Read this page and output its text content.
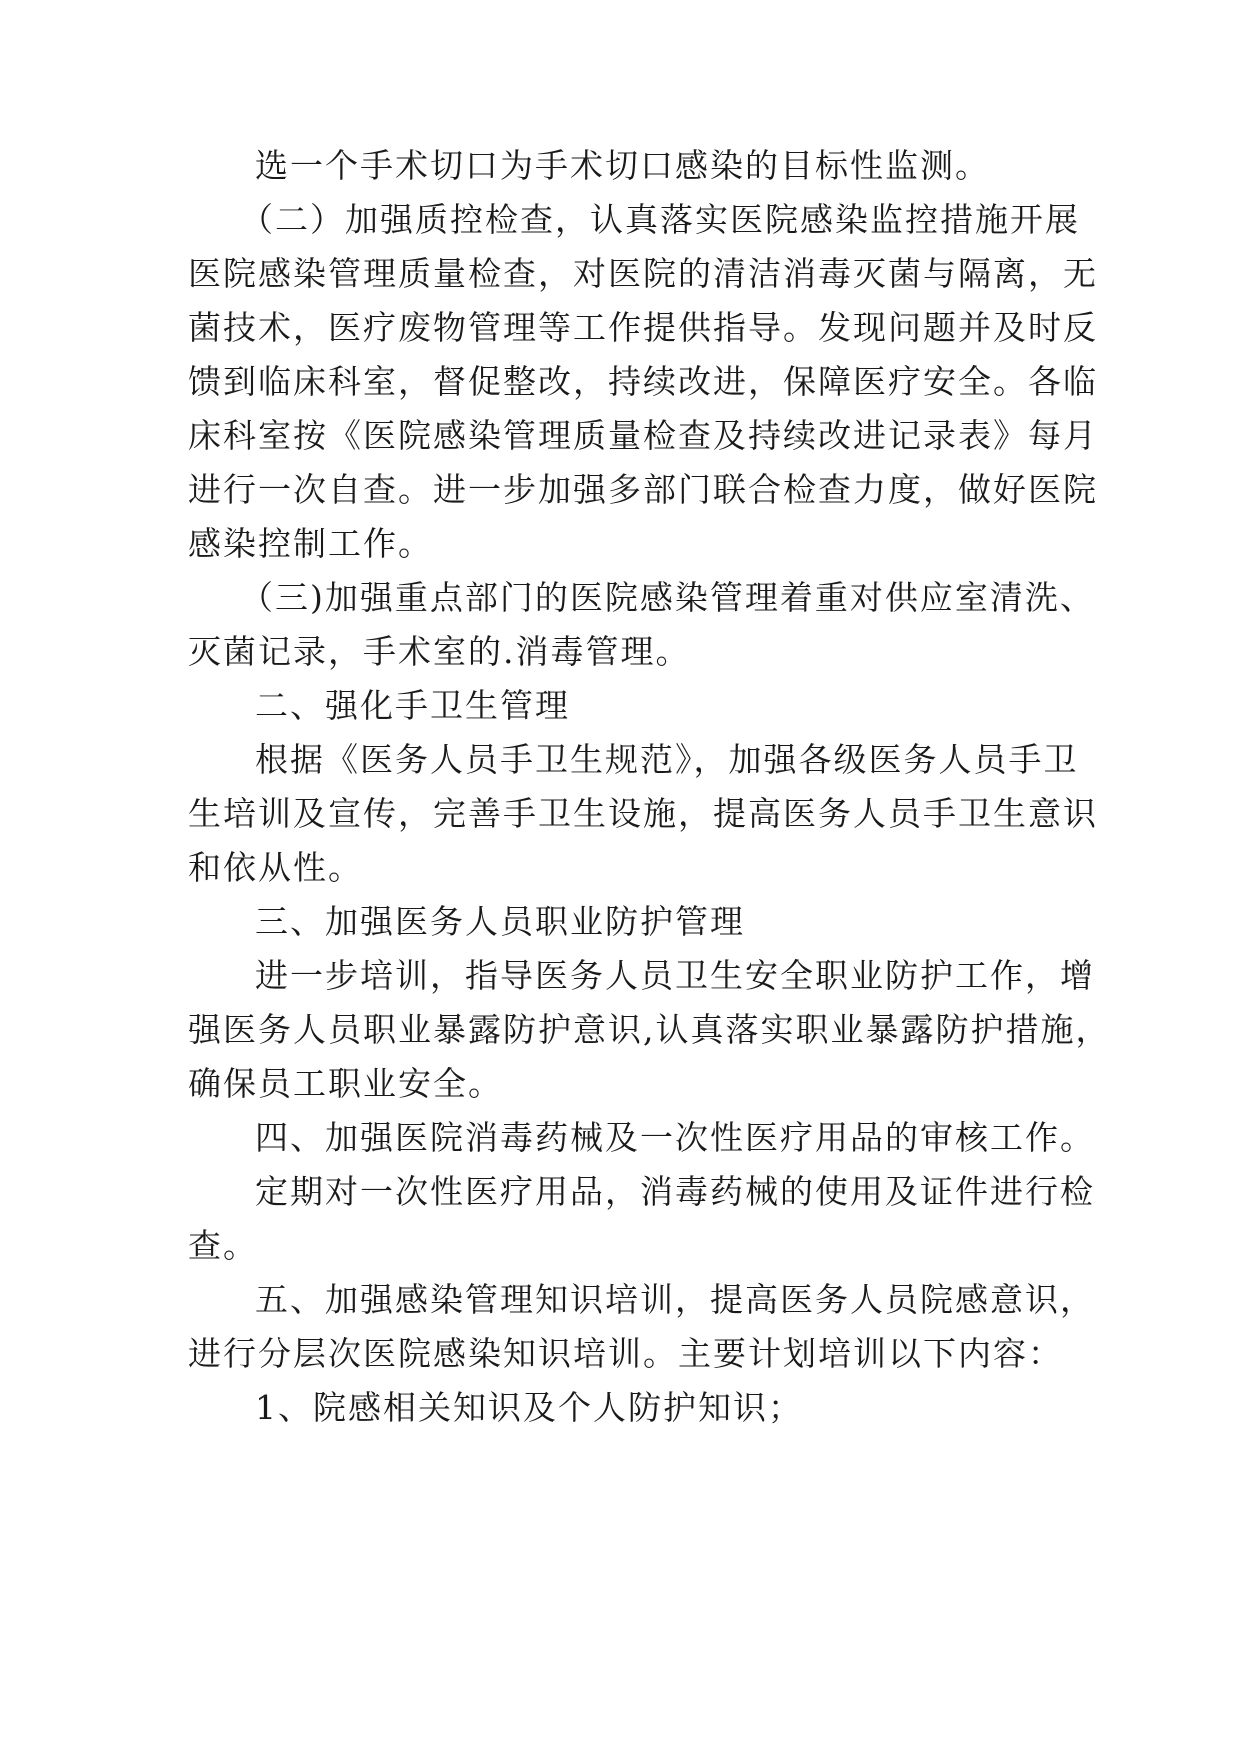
选一个手术切口为手术切口感染的目标性监测。
（二）加强质控检查，认真落实医院感染监控措施开展
医院感染管理质量检查，对医院的清洁消毒灭菌与隔离，无
菌技术，医疗废物管理等工作提供指导。发现问题并及时反
馈到临床科室，督促整改，持续改进，保障医疗安全。各临
床科室按《医院感染管理质量检查及持续改进记录表》每月
进行一次自查。进一步加强多部门联合检查力度，做好医院
感染控制工作。
（三)加强重点部门的医院感染管理着重对供应室清洗、
灭菌记录，手术室的.消毒管理。
二、强化手卫生管理
根据《医务人员手卫生规范》，加强各级医务人员手卫
生培训及宣传，完善手卫生设施，提高医务人员手卫生意识
和依从性。
三、加强医务人员职业防护管理
进一步培训，指导医务人员卫生安全职业防护工作，增
强医务人员职业暴露防护意识,认真落实职业暴露防护措施，
确保员工职业安全。
四、加强医院消毒药械及一次性医疗用品的审核工作。
定期对一次性医疗用品，消毒药械的使用及证件进行检
查。
五、加强感染管理知识培训，提高医务人员院感意识，
进行分层次医院感染知识培训。主要计划培训以下内容：
1、院感相关知识及个人防护知识；
